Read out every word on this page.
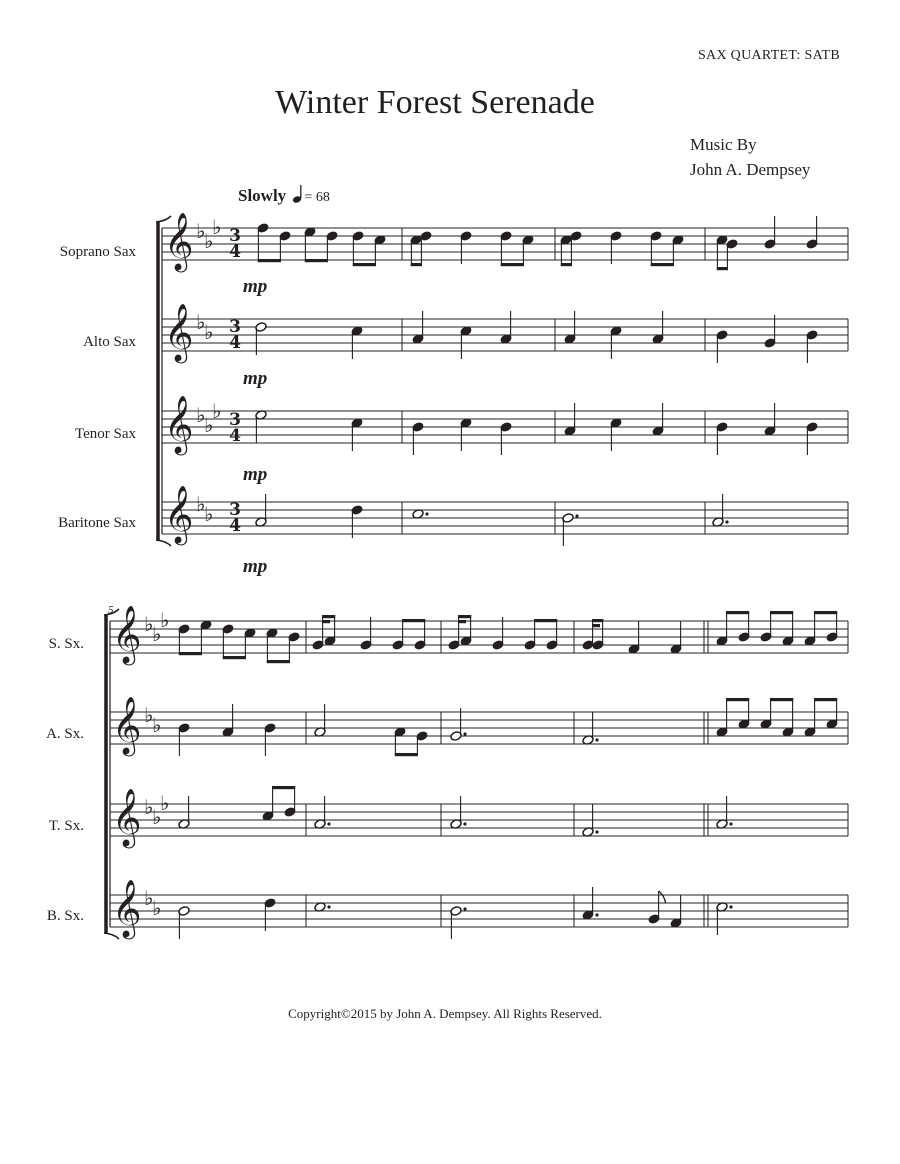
SAX QUARTET: SATB
Winter Forest Serenade
Music By
John A. Dempsey
Slowly = 68
Soprano Sax
Alto Sax
Tenor Sax
Baritone Sax
S. Sx.
A. Sx.
T. Sx.
B. Sx.
mp
mp
mp
mp
5
𝄞
𝄞
𝄞
𝄞
𝄞
𝄞
𝄞
𝄞
♭
♭
♭
♭
♭
♭
♭
♭
♭
♭
♭
♭
♭
♭
♭
♭
♭
♭
♭
♭
3
4
3
4
3
4
3
4
Copyright©2015 by John A. Dempsey. All Rights Reserved.
